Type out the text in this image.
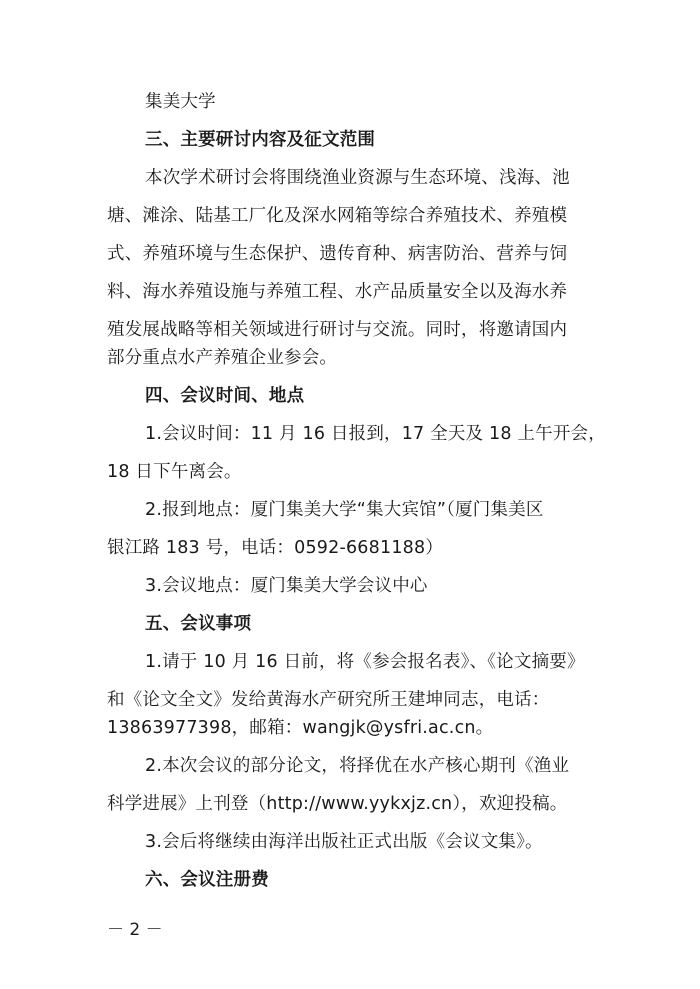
集美大学
三、主要研讨内容及征文范围
本次学术研讨会将围绕渔业资源与生态环境、浅海、池
塘、滩涂、陆基工厂化及深水网箱等综合养殖技术、养殖模
式、养殖环境与生态保护、遗传育种、病害防治、营养与饲
料、海水养殖设施与养殖工程、水产品质量安全以及海水养
殖发展战略等相关领域进行研讨与交流。同时，将邀请国内
部分重点水产养殖企业参会。
四、会议时间、地点
1.会议时间：11 月 16 日报到，17 全天及 18 上午开会，
18 日下午离会。
2.报到地点：厦门集美大学“集大宾馆”（厦门集美区
银江路 183 号，电话：0592-6681188）
3.会议地点：厦门集美大学会议中心
五、会议事项
1.请于 10 月 16 日前，将《参会报名表》、《论文摘要》
和《论文全文》发给黄海水产研究所王建坤同志，电话：
13863977398，邮箱：wangjk@ysfri.ac.cn。
2.本次会议的部分论文，将择优在水产核心期刊《渔业
科学进展》上刊登（http://www.yykxjz.cn），欢迎投稿。
3.会后将继续由海洋出版社正式出版《会议文集》。
六、会议注册费
－ 2 －
